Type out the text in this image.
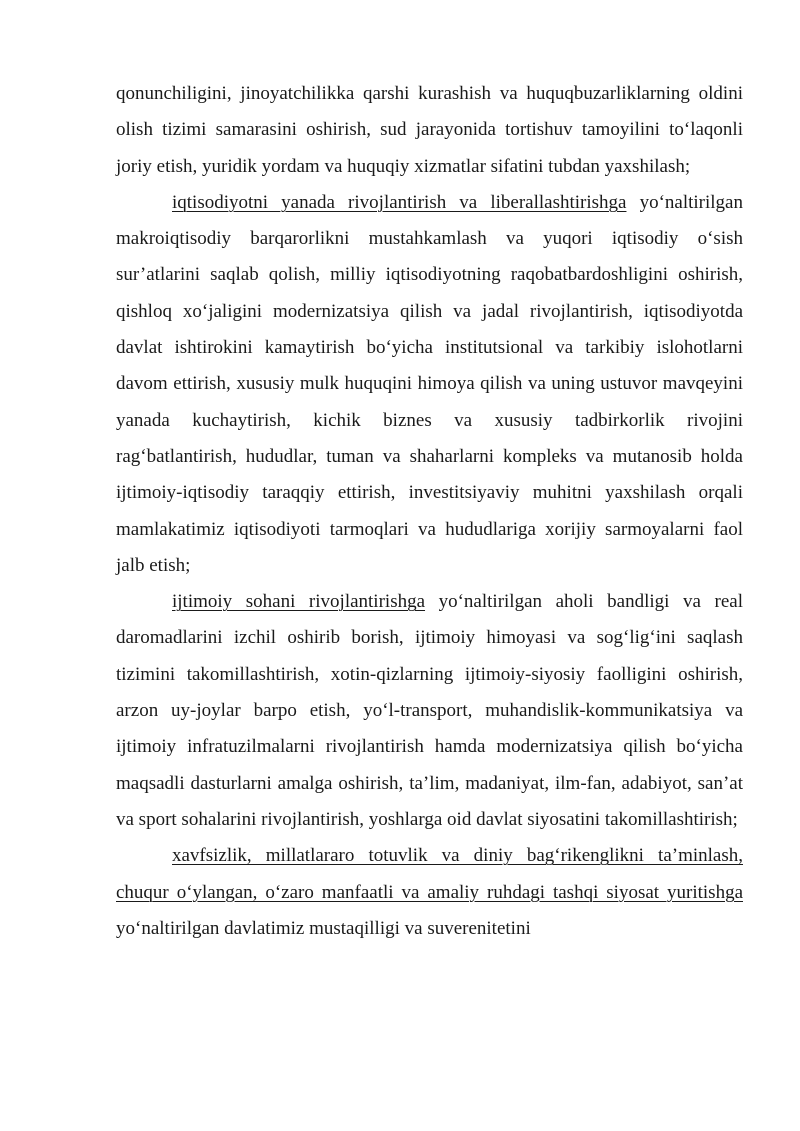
qonunchiligini, jinoyatchilikka qarshi kurashish va huquqbuzarliklarning oldini olish tizimi samarasini oshirish, sud jarayonida tortishuv tamoyilini to‘laqonli joriy etish, yuridik yordam va huquqiy xizmatlar sifatini tubdan yaxshilash;

iqtisodiyotni yanada rivojlantirish va liberallashtirishga yo‘naltirilgan makroiqtisodiy barqarorlikni mustahkamlash va yuqori iqtisodiy o‘sish sur’atlarini saqlab qolish, milliy iqtisodiyotning raqobatbardoshligini oshirish, qishloq xo‘jaligini modernizatsiya qilish va jadal rivojlantirish, iqtisodiyotda davlat ishtirokini kamaytirish bo‘yicha institutsional va tarkibiy islohotlarni davom ettirish, xususiy mulk huquqini himoya qilish va uning ustuvor mavqeyini yanada kuchaytirish, kichik biznes va xususiy tadbirkorlik rivojini rag‘batlantirish, hududlar, tuman va shaharlarni kompleks va mutanosib holda ijtimoiy-iqtisodiy taraqqiy ettirish, investitsiyaviy muhitni yaxshilash orqali mamlakatimiz iqtisodiyoti tarmoqlari va hududlariga xorijiy sarmoyalarni faol jalb etish;

ijtimoiy sohani rivojlantirishga yo‘naltirilgan aholi bandligi va real daromadlarini izchil oshirib borish, ijtimoiy himoyasi va sog‘lig‘ini saqlash tizimini takomillashtirish, xotin-qizlarning ijtimoiy-siyosiy faolligini oshirish, arzon uy-joylar barpo etish, yo‘l-transport, muhandislik-kommunikatsiya va ijtimoiy infratuzilmalarni rivojlantirish hamda modernizatsiya qilish bo‘yicha maqsadli dasturlarni amalga oshirish, ta’lim, madaniyat, ilm-fan, adabiyot, san’at va sport sohalarini rivojlantirish, yoshlarga oid davlat siyosatini takomillashtirish;

xavfsizlik, millatlararo totuvlik va diniy bag‘rikenglikni ta’minlash, chuqur o‘ylangan, o‘zaro manfaatli va amaliy ruhdagi tashqi siyosat yuritishga yo‘naltirilgan davlatimiz mustaqilligi va suverenitetini
